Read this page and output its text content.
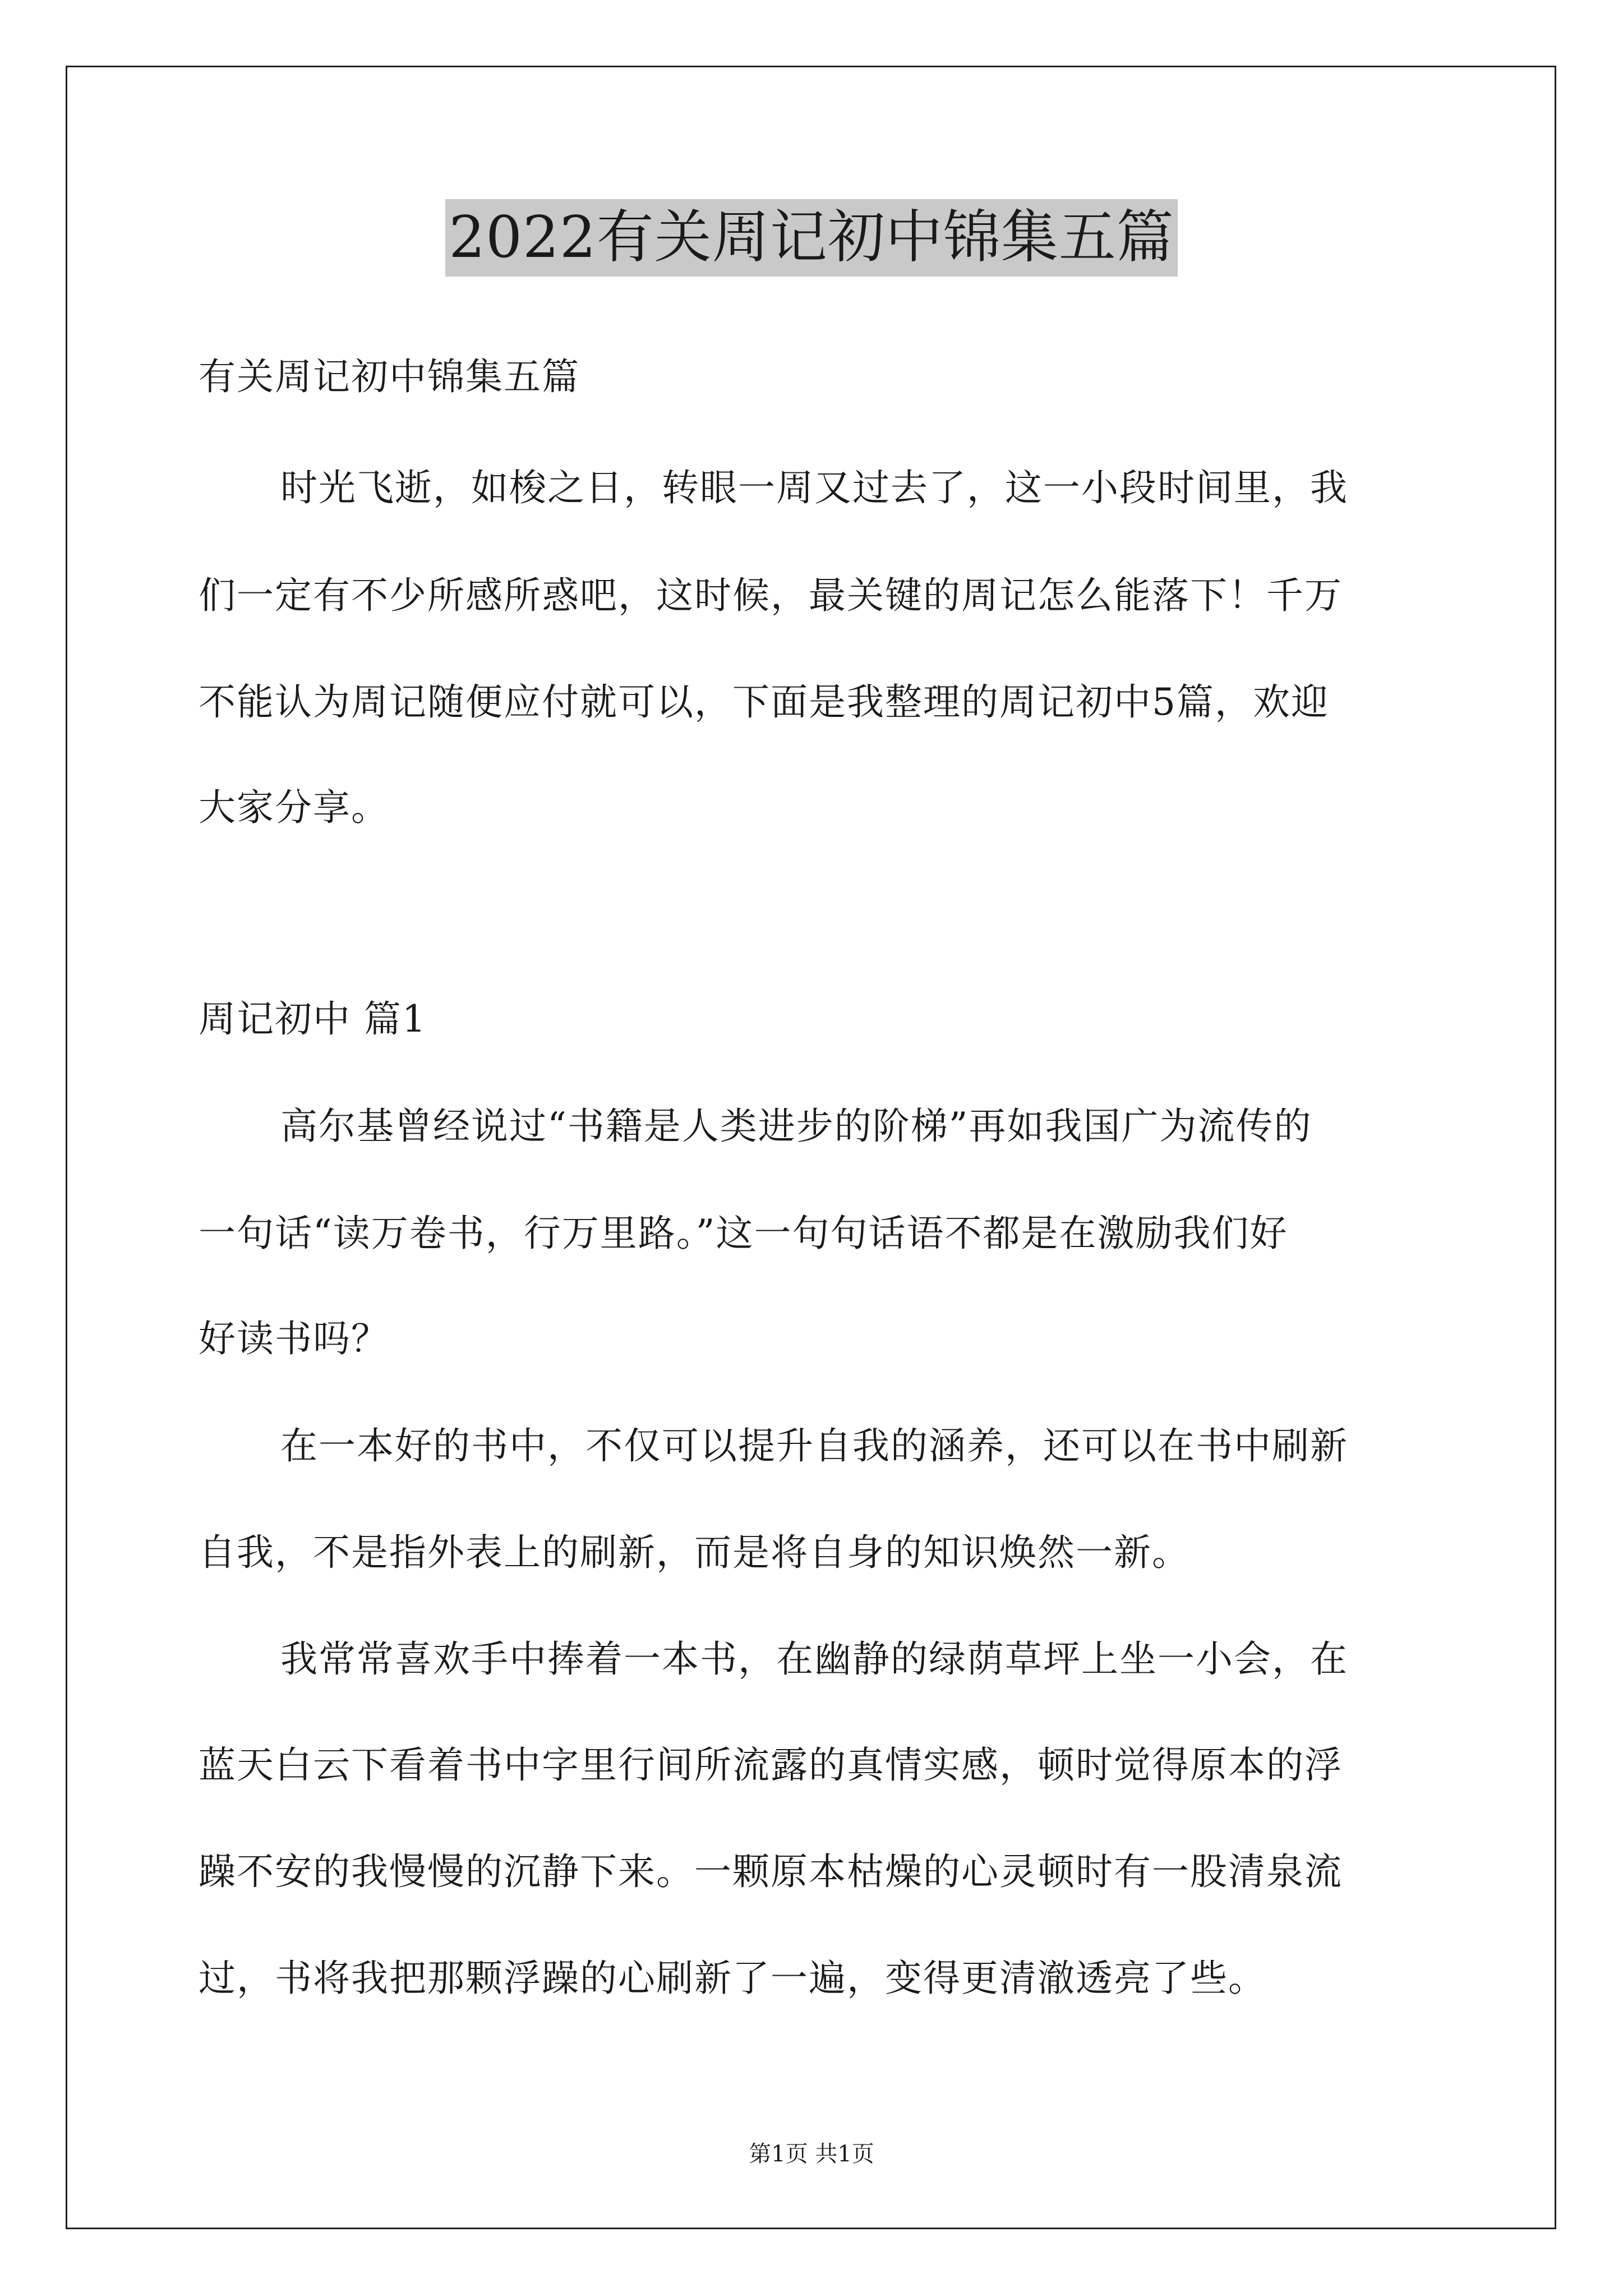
2022有关周记初中锦集五篇
有关周记初中锦集五篇
时光飞逝，如梭之日，转眼一周又过去了，这一小段时间里，我
们一定有不少所感所惑吧，这时候，最关键的周记怎么能落下！千万
不能认为周记随便应付就可以，下面是我整理的周记初中5篇，欢迎
大家分享。
周记初中 篇1
高尔基曾经说过“书籍是人类进步的阶梯”再如我国广为流传的
一句话“读万卷书，行万里路。”这一句句话语不都是在激励我们好
好读书吗？
在一本好的书中，不仅可以提升自我的涵养，还可以在书中刷新
自我，不是指外表上的刷新，而是将自身的知识焕然一新。
我常常喜欢手中捧着一本书，在幽静的绿荫草坪上坐一小会，在
蓝天白云下看着书中字里行间所流露的真情实感，顿时觉得原本的浮
躁不安的我慢慢的沉静下来。一颗原本枯燥的心灵顿时有一股清泉流
过，书将我把那颗浮躁的心刷新了一遍，变得更清澈透亮了些。
第1页 共1页
